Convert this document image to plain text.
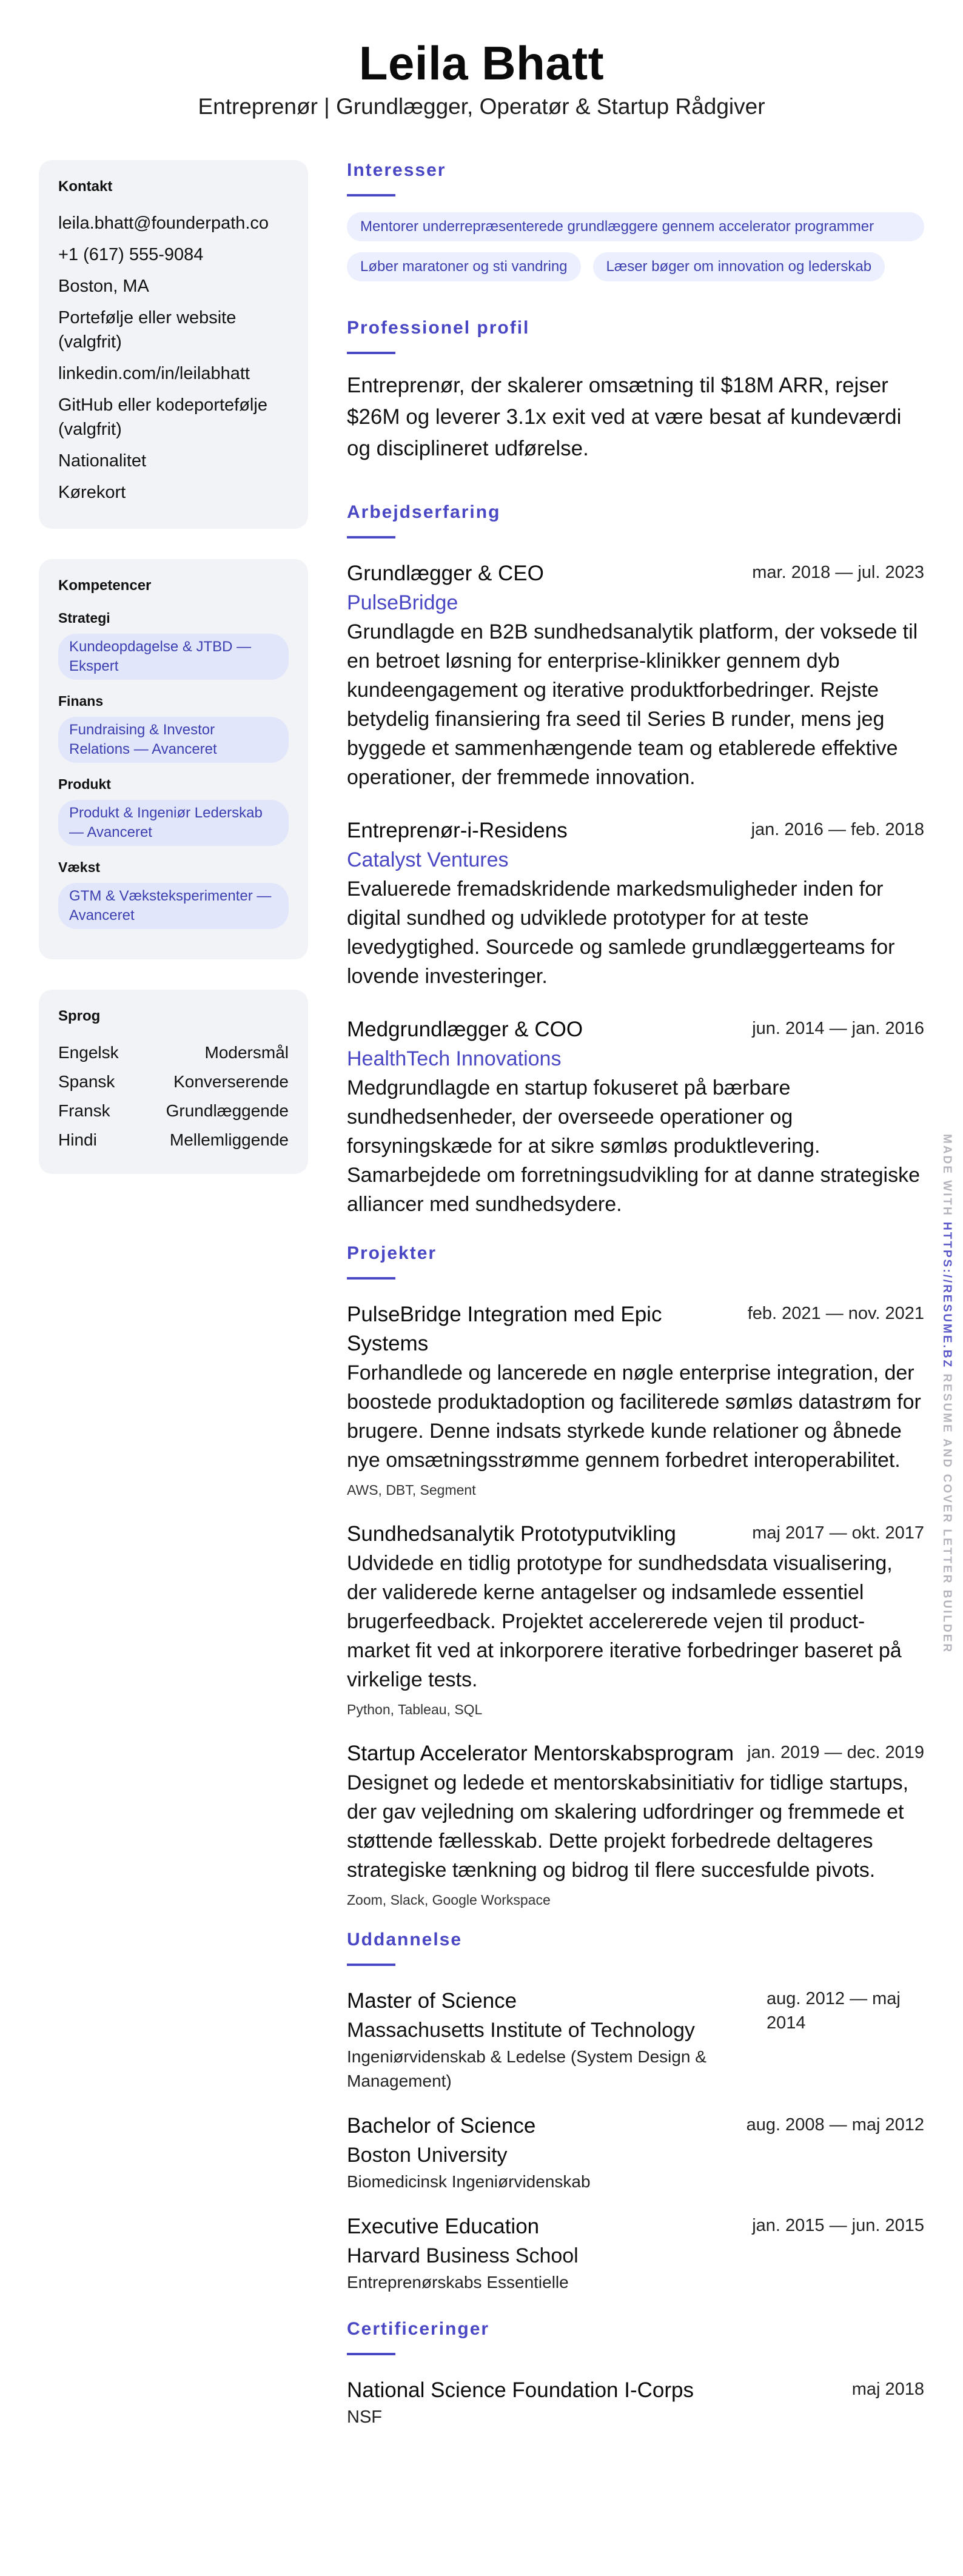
Leila Bhatt
Entreprenør | Grundlægger, Operatør & Startup Rådgiver
Kontakt
leila.bhatt@founderpath.co
+1 (617) 555-9084
Boston, MA
Portefølje eller website (valgfrit)
linkedin.com/in/leilabhatt
GitHub eller kodeportefølje (valgfrit)
Nationalitet
Kørekort
Kompetencer
Strategi
Kundeopdagelse & JTBD — Ekspert
Finans
Fundraising & Investor Relations — Avanceret
Produkt
Produkt & Ingeniør Lederskab — Avanceret
Vækst
GTM & Væksteksperimenter — Avanceret
Sprog
Engelsk	Modersmål
Spansk	Konverserende
Fransk	Grundlæggende
Hindi	Mellemliggende
Interesser
Mentorer underrepræsenterede grundlæggere gennem accelerator programmer
Løber maratoner og sti vandring	Læser bøger om innovation og lederskab
Professionel profil
Entreprenør, der skalerer omsætning til $18M ARR, rejser $26M og leverer 3.1x exit ved at være besat af kundeværdi og disciplineret udførelse.
Arbejdserfaring
Grundlægger & CEO	mar. 2018 — jul. 2023
PulseBridge
Grundlagde en B2B sundhedsanalytik platform, der voksede til en betroet løsning for enterprise-klinikker gennem dyb kundeengagement og iterative produktforbedringer. Rejste betydelig finansiering fra seed til Series B runder, mens jeg byggede et sammenhængende team og etablerede effektive operationer, der fremmede innovation.
Entreprenør-i-Residens	jan. 2016 — feb. 2018
Catalyst Ventures
Evaluerede fremadskridende markedsmuligheder inden for digital sundhed og udviklede prototyper for at teste levedygtighed. Sourcede og samlede grundlæggerteams for lovende investeringer.
Medgrundlægger & COO	jun. 2014 — jan. 2016
HealthTech Innovations
Medgrundlagde en startup fokuseret på bærbare sundhedsenheder, der overseede operationer og forsyningskæde for at sikre sømløs produktlevering. Samarbejdede om forretningsudvikling for at danne strategiske alliancer med sundhedsydere.
Projekter
PulseBridge Integration med Epic Systems
feb. 2021 — nov. 2021
Forhandlede og lancerede en nøgle enterprise integration, der boostede produktadoption og faciliterede sømløs datastrøm for brugere. Denne indsats styrkede kunde relationer og åbnede nye omsætningsstrømme gennem forbedret interoperabilitet.
AWS, DBT, Segment
Sundhedsanalytik Prototyputvikling	maj 2017 — okt. 2017
Udvidede en tidlig prototype for sundhedsdata visualisering, der validerede kerne antagelser og indsamlede essentiel brugerfeedback. Projektet accelererede vejen til product-market fit ved at inkorporere iterative forbedringer baseret på virkelige tests.
Python, Tableau, SQL
Startup Accelerator Mentorskabsprogram jan. 2019 — dec. 2019
Designet og ledede et mentorskabsinitiativ for tidlige startups, der gav vejledning om skalering udfordringer og fremmede et støttende fællesskab. Dette projekt forbedrede deltageres strategiske tænkning og bidrog til flere succesfulde pivots.
Zoom, Slack, Google Workspace
Uddannelse
Master of Science
Massachusetts Institute of Technology
Ingeniørvidenskab & Ledelse (System Design & Management)
aug. 2012 — maj 2014
Bachelor of Science
Boston University
Biomedicinsk Ingeniørvidenskab
aug. 2008 — maj 2012
Executive Education
Harvard Business School
Entreprenørskabs Essentielle
jan. 2015 — jun. 2015
Certificeringer
National Science Foundation I-Corps
NSF
maj 2018
MADE WITH HTTPS://RESUME.BZ RESUME AND COVER LETTER BUILDER
